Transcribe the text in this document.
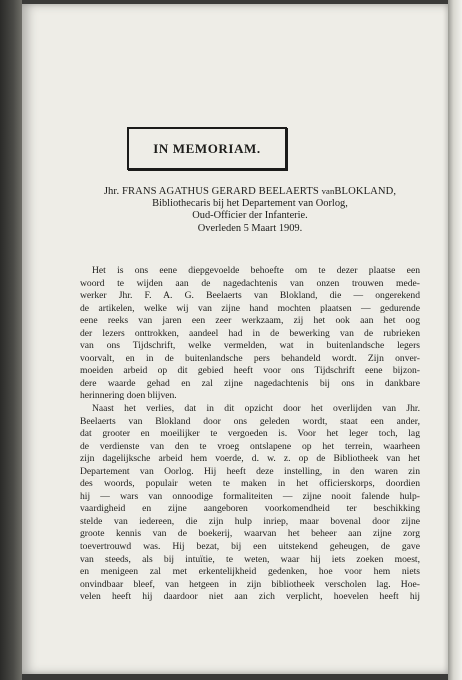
IN MEMORIAM.
Jhr. FRANS AGATHUS GERARD BEELAERTS vanBLOKLAND,
Bibliothecaris bij het Departement van Oorlog,
Oud-Officier der Infanterie.
Overleden 5 Maart 1909.
Het is ons eene diepgevoelde behoefte om te dezer plaatse een
woord te wijden aan de nagedachtenis van onzen trouwen mede-
werker Jhr. F. A. G. Beelaerts van Blokland, die — ongerekend
de artikelen, welke wij van zijne hand mochten plaatsen — gedurende
eene reeks van jaren een zeer werkzaam, zij het ook aan het oog
der lezers onttrokken, aandeel had in de bewerking van de rubrieken
van ons Tijdschrift, welke vermelden, wat in buitenlandsche legers
voorvalt, en in de buitenlandsche pers behandeld wordt. Zijn onver-
moeiden arbeid op dit gebied heeft voor ons Tijdschrift eene bijzon-
dere waarde gehad en zal zijne nagedachtenis bij ons in dankbare
herinnering doen blijven.
Naast het verlies, dat in dit opzicht door het overlijden van Jhr.
Beelaerts van Blokland door ons geleden wordt, staat een ander,
dat grooter en moeilijker te vergoeden is. Voor het leger toch, lag
de verdienste van den te vroeg ontslapene op het terrein, waarheen
zijn dagelijksche arbeid hem voerde, d. w. z. op de Bibliotheek van het
Departement van Oorlog. Hij heeft deze instelling, in den waren zin
des woords, populair weten te maken in het officierskorps, doordien
hij — wars van onnoodige formaliteiten — zijne nooit falende hulp-
vaardigheid en zijne aangeboren voorkomendheid ter beschikking
stelde van iedereen, die zijn hulp inriep, maar bovenal door zijne
groote kennis van de boekerij, waarvan het beheer aan zijne zorg
toevertrouwd was. Hij bezat, bij een uitstekend geheugen, de gave
van steeds, als bij intuïtie, te weten, waar hij iets zoeken moest,
en menigeen zal met erkentelijkheid gedenken, hoe voor hem niets
onvindbaar bleef, van hetgeen in zijn bibliotheek verscholen lag. Hoe-
velen heeft hij daardoor niet aan zich verplicht, hoevelen heeft hij
